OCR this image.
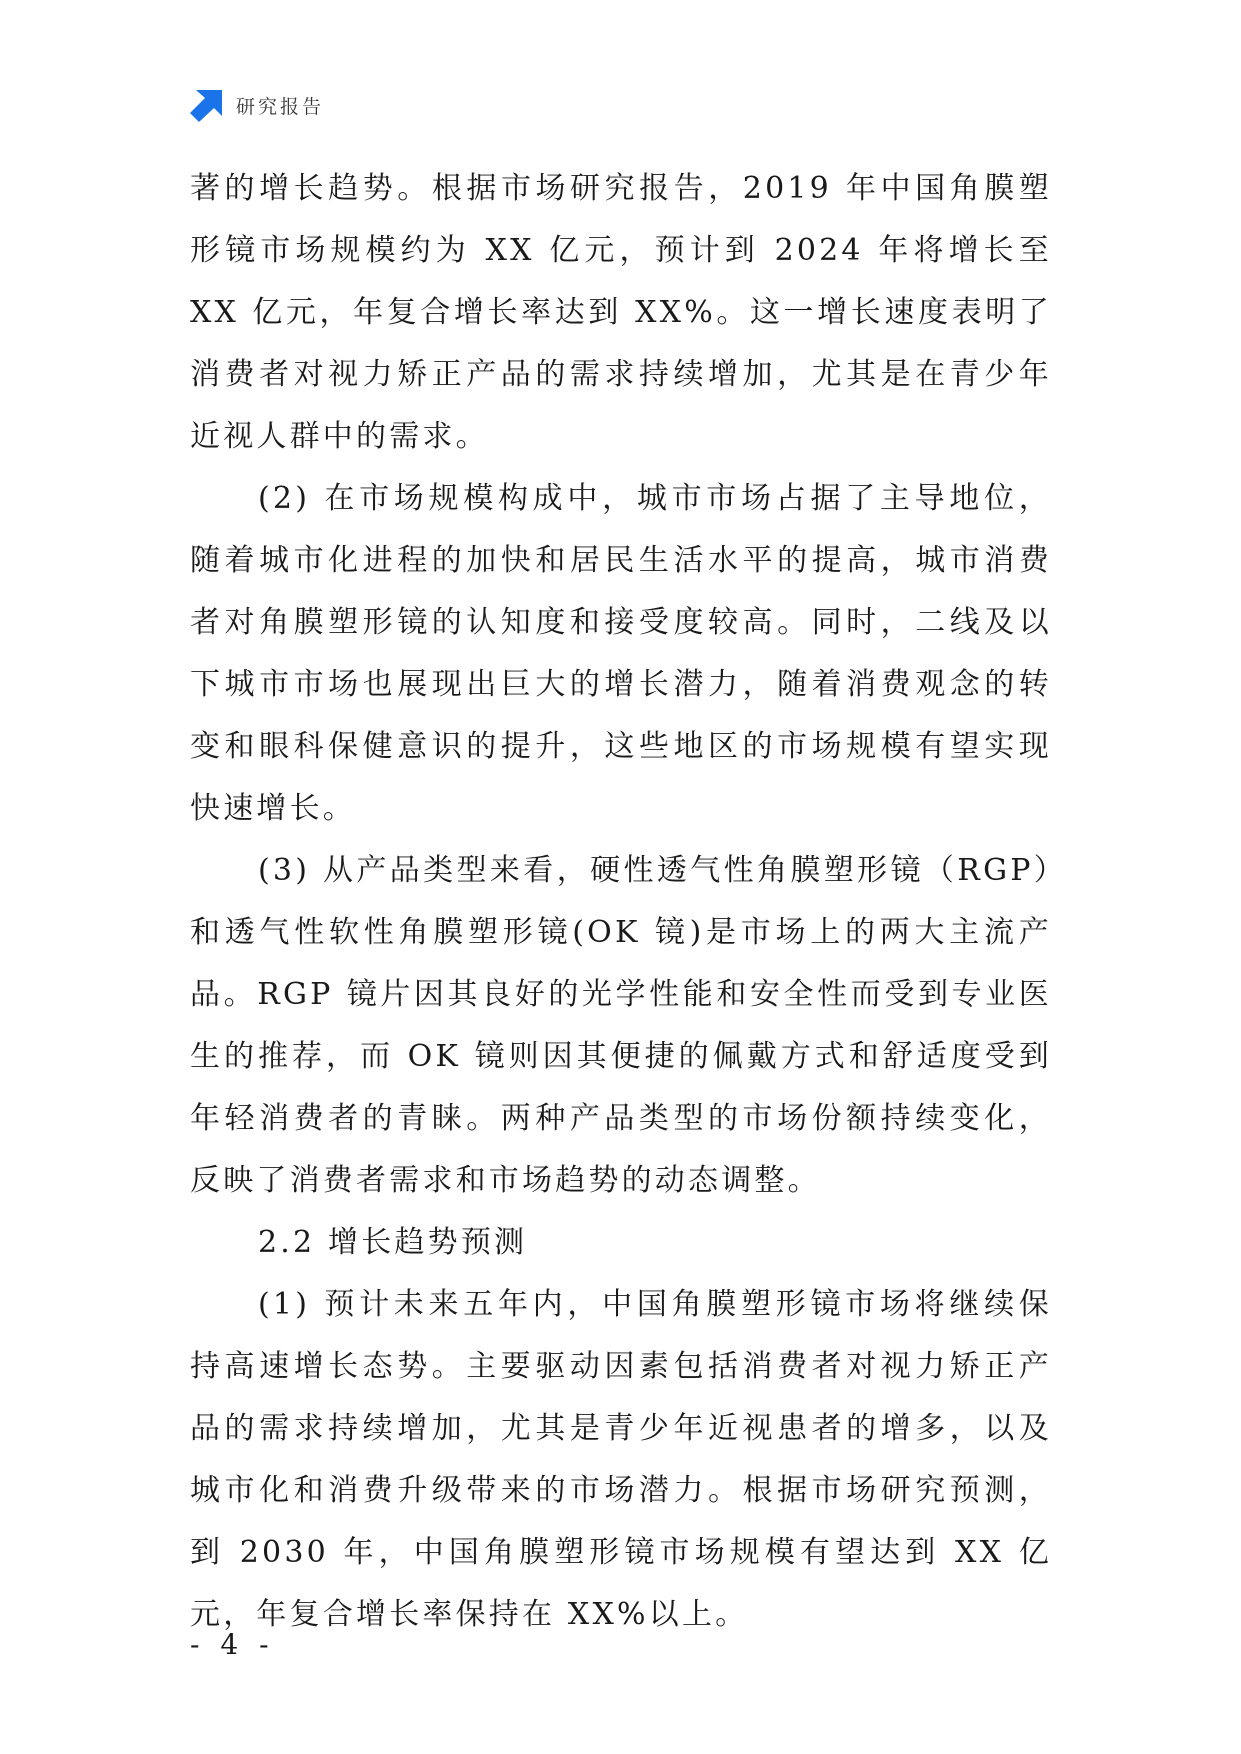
研究报告

著的增长趋势。根据市场研究报告，2019 年中国角膜塑形镜市场规模约为 XX 亿元，预计到 2024 年将增长至 XX 亿元，年复合增长率达到 XX%。这一增长速度表明了消费者对视力矫正产品的需求持续增加，尤其是在青少年近视人群中的需求。

(2) 在市场规模构成中，城市市场占据了主导地位，随着城市化进程的加快和居民生活水平的提高，城市消费者对角膜塑形镜的认知度和接受度较高。同时，二线及以下城市市场也展现出巨大的增长潜力，随着消费观念的转变和眼科保健意识的提升，这些地区的市场规模有望实现快速增长。

(3) 从产品类型来看，硬性透气性角膜塑形镜（RGP）和透气性软性角膜塑形镜(OK 镜)是市场上的两大主流产品。RGP 镜片因其良好的光学性能和安全性而受到专业医生的推荐，而 OK 镜则因其便捷的佩戴方式和舒适度受到年轻消费者的青睐。两种产品类型的市场份额持续变化，反映了消费者需求和市场趋势的动态调整。

2.2 增长趋势预测

(1) 预计未来五年内，中国角膜塑形镜市场将继续保持高速增长态势。主要驱动因素包括消费者对视力矫正产品的需求持续增加，尤其是青少年近视患者的增多，以及城市化和消费升级带来的市场潜力。根据市场研究预测，到 2030 年，中国角膜塑形镜市场规模有望达到 XX 亿元，年复合增长率保持在 XX%以上。

- 4 -
